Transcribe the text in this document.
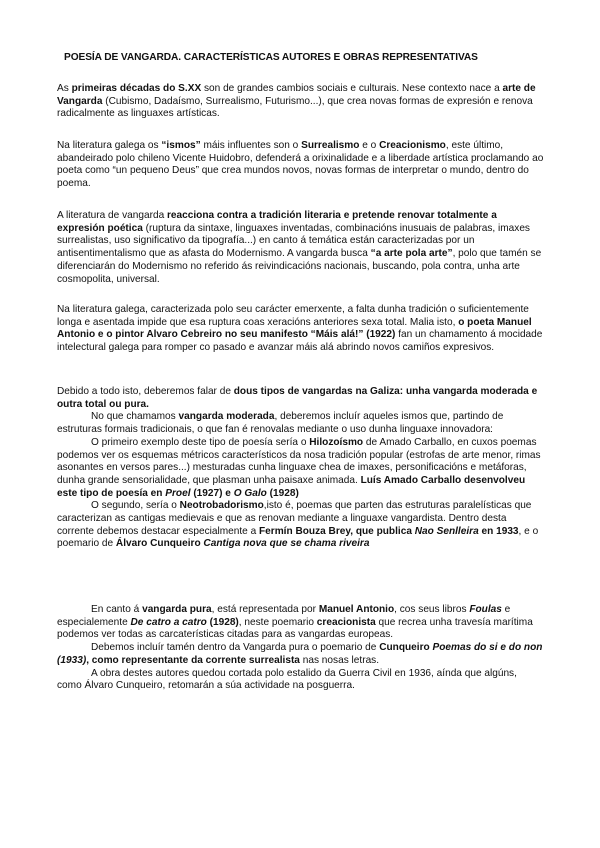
POESÍA DE VANGARDA. CARACTERÍSTICAS AUTORES E OBRAS REPRESENTATIVAS

As primeiras décadas do S.XX son de grandes cambios sociais e culturais. Nese contexto nace a arte de Vangarda (Cubismo, Dadaísmo, Surrealismo, Futurismo...), que crea novas formas de expresión e renova radicalmente as linguaxes artísticas.

Na literatura galega os “ismos” máis influentes son o Surrealismo e o Creacionismo, este último, abandeirado polo chileno Vicente Huidobro, defenderá a orixinalidade e a liberdade artística proclamando ao poeta como “un pequeno Deus” que crea mundos novos, novas formas de interpretar o mundo, dentro do poema.

A literatura de vangarda reacciona contra a tradición literaria e pretende renovar totalmente a expresión poética (ruptura da sintaxe, linguaxes inventadas, combinacións inusuais de palabras, imaxes surrealistas, uso significativo da tipografía...) en canto á temática están caracterizadas por un antisentimentalismo que as afasta do Modernismo. A vangarda busca “a arte pola arte”, polo que tamén se diferenciarán do Modernismo no referido ás reivindicacións nacionais, buscando, pola contra, unha arte cosmopolita, universal.

Na literatura galega, caracterizada polo seu carácter emerxente, a falta dunha tradición o suficientemente longa e asentada impide que esa ruptura coas xeracións anteriores sexa total. Malia isto, o poeta Manuel Antonio e o pintor Alvaro Cebreiro no seu manifesto “Máis alá!” (1922) fan un chamamento á mocidade intelectural galega para romper co pasado e avanzar máis alá abrindo novos camiños expresivos.

Debido a todo isto, deberemos falar de dous tipos de vangardas na Galiza: unha vangarda moderada e outra total ou pura.
No que chamamos vangarda moderada, deberemos incluír aqueles ismos que, partindo de estruturas formais tradicionais, o que fan é renovalas mediante o uso dunha linguaxe innovadora:
O primeiro exemplo deste tipo de poesía sería o Hilozoísmo de Amado Carballo, en cuxos poemas podemos ver os esquemas métricos característicos da nosa tradición popular (estrofas de arte menor, rimas asonantes en versos pares...) mesturadas cunha linguaxe chea de imaxes, personificacións e metáforas, dunha grande sensorialidade, que plasman unha paisaxe animada. Luís Amado Carballo desenvolveu este tipo de poesía en Proel (1927) e O Galo (1928)
O segundo, sería o Neotrobadorismo,isto é, poemas que parten das estruturas paralelísticas que caracterizan as cantigas medievais e que as renovan mediante a linguaxe vangardista. Dentro desta corrente debemos destacar especialmente a Fermín Bouza Brey, que publica Nao Senlleira en 1933, e o poemario de Álvaro Cunqueiro Cantiga nova que se chama riveira
En canto á vangarda pura, está representada por Manuel Antonio, cos seus libros Foulas e especialemente De catro a catro (1928), neste poemario creacionista que recrea unha travesía marítima podemos ver todas as carcaterísticas citadas para as vangardas europeas.
Debemos incluír tamén dentro da Vangarda pura o poemario de Cunqueiro Poemas do si e do non (1933), como representante da corrente surrealista nas nosas letras.
A obra destes autores quedou cortada polo estalido da Guerra Civil en 1936, aínda que algúns, como Álvaro Cunqueiro, retomarán a súa actividade na posguerra.
